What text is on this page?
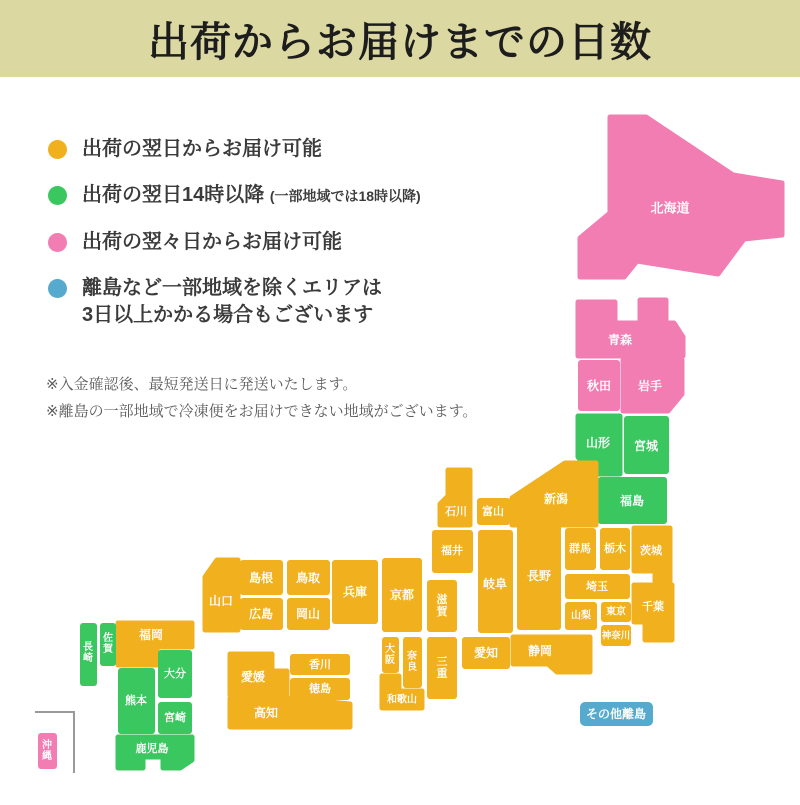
出荷からお届けまでの日数
出荷の翌日からお届け可能
出荷の翌日14時以降 (一部地域では18時以降)
出荷の翌々日からお届け可能
離島など一部地域を除くエリアは
3日以上かかる場合もございます
※入金確認後、最短発送日に発送いたします。
※離島の一部地域で冷凍便をお届けできない地域がございます。
北海道
青森
秋田 岩手
山形 宮城
福島
新潟
富山
石川
福井	群馬 栃木 茨城
埼玉
長野
山梨 東京
神奈川
千葉
静岡
愛知
岐阜
滋賀
京都
兵庫
大阪 奈良 三重
和歌山
鳥取
島根
岡山
広島
山口
香川
徳島
愛媛
高知
福岡
佐賀
長崎
熊本
大分
宮崎
鹿児島
沖縄
その他離島
